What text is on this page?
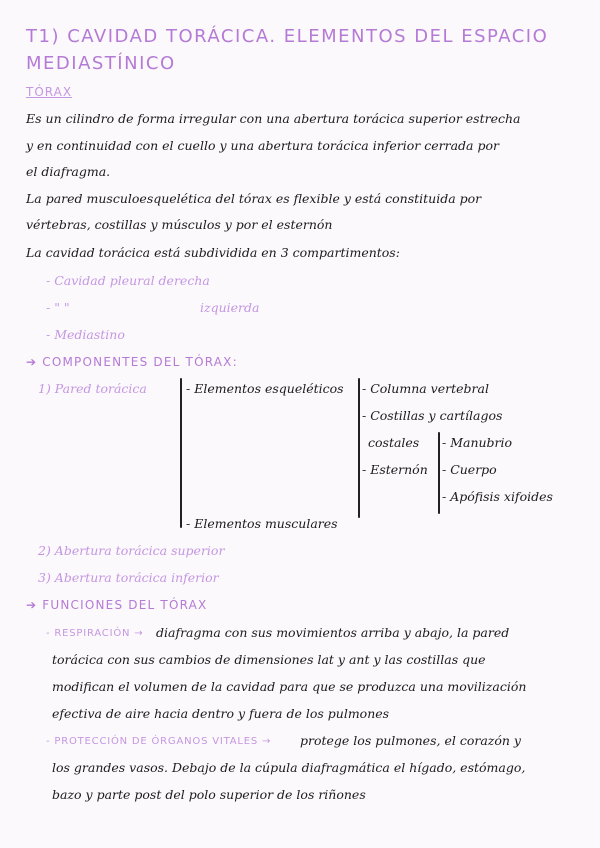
T1) CAVIDAD TORÁCICA. ELEMENTOS DEL ESPACIO
MEDIASTÍNICO
TÓRAX
Es un cilindro de forma irregular con una abertura torácica superior estrecha
y en continuidad con el cuello y una abertura torácica inferior cerrada por
el diafragma.
La pared musculoesquelética del tórax es flexible y está constituida por
vértebras, costillas y músculos y por el esternón
La cavidad torácica está subdividida en 3 compartimentos:
- Cavidad pleural derecha
- " "	izquierda
- Mediastino
➔ COMPONENTES DEL TÓRAX:
1) Pared torácica	- Elementos esqueléticos - Columna vertebral
- Costillas y cartílagos
costales - Manubrio
- Esternón - Cuerpo
- Apófisis xifoides
- Elementos musculares
2) Abertura torácica superior
3) Abertura torácica inferior
➔ FUNCIONES DEL TÓRAX
- RESPIRACIÓN → diafragma con sus movimientos arriba y abajo, la pared
torácica con sus cambios de dimensiones lat y ant y las costillas que
modifican el volumen de la cavidad para que se produzca una movilización
efectiva de aire hacia dentro y fuera de los pulmones
- PROTECCIÓN DE ÓRGANOS VITALES → protege los pulmones, el corazón y
los grandes vasos. Debajo de la cúpula diafragmática el hígado, estómago,
bazo y parte post del polo superior de los riñones
